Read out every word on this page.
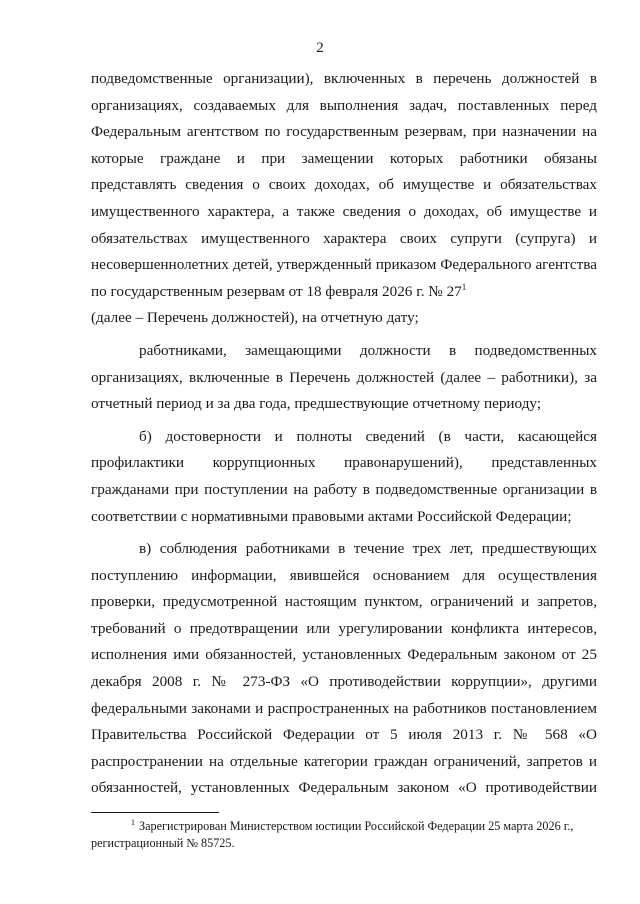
2

подведомственные организации), включенных в перечень должностей в организациях, создаваемых для выполнения задач, поставленных перед Федеральным агентством по государственным резервам, при назначении на которые граждане и при замещении которых работники обязаны представлять сведения о своих доходах, об имуществе и обязательствах имущественного характера, а также сведения о доходах, об имуществе и обязательствах имущественного характера своих супруги (супруга) и несовершеннолетних детей, утвержденный приказом Федерального агентства по государственным резервам от 18 февраля 2026 г. № 27$^1$

(далее – Перечень должностей), на отчетную дату;

работниками, замещающими должности в подведомственных организациях, включенные в Перечень должностей (далее – работники), за отчетный период и за два года, предшествующие отчетному периоду;

б) достоверности и полноты сведений (в части, касающейся профилактики коррупционных правонарушений), представленных гражданами при поступлении на работу в подведомственные организации в соответствии с нормативными правовыми актами Российской Федерации;

в) соблюдения работниками в течение трех лет, предшествующих поступлению информации, явившейся основанием для осуществления проверки, предусмотренной настоящим пунктом, ограничений и запретов, требований о предотвращении или урегулировании конфликта интересов, исполнения ими обязанностей, установленных Федеральным законом от 25 декабря 2008 г. № 273-ФЗ «О противодействии коррупции», другими федеральными законами и распространенных на работников постановлением Правительства Российской Федерации от 5 июля 2013 г. № 568 «О распространении на отдельные категории граждан ограничений, запретов и обязанностей, установленных Федеральным законом «О противодействии

$^1$ Зарегистрирован Министерством юстиции Российской Федерации 25 марта 2026 г., регистрационный № 85725.
